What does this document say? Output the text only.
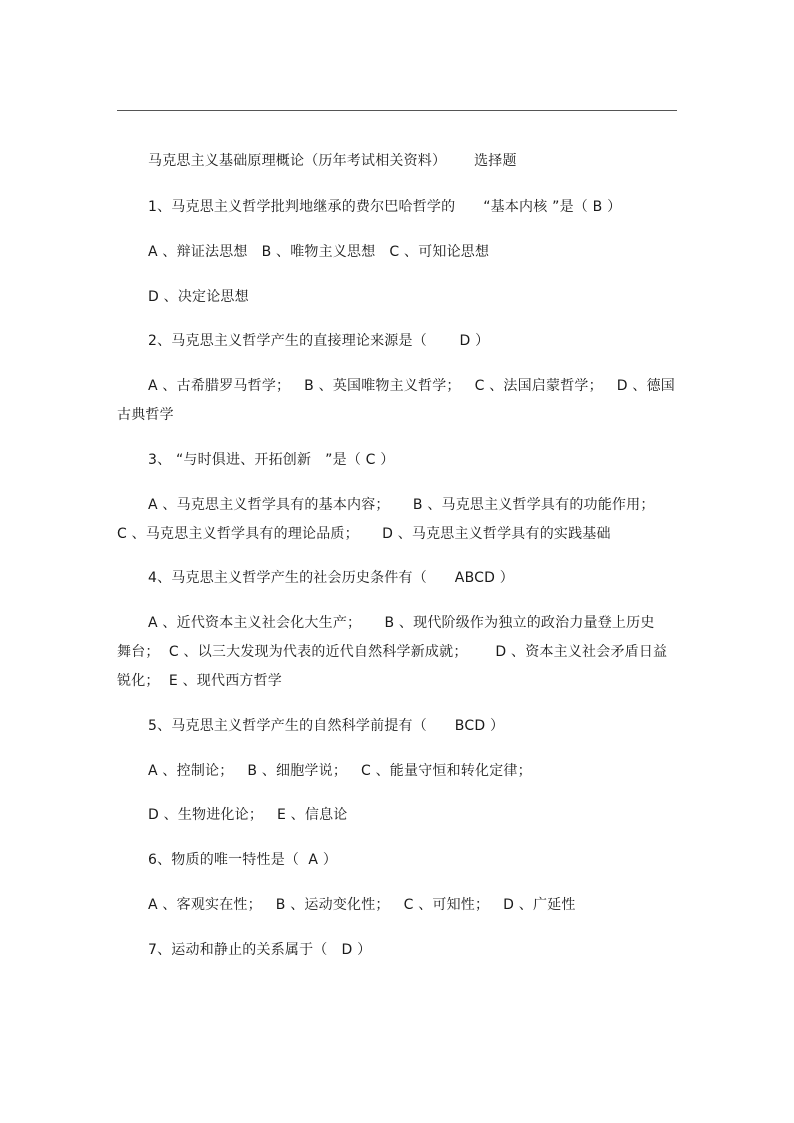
马克思主义基础原理概论（历年考试相关资料）      选择题
1、马克思主义哲学批判地继承的费尔巴哈哲学的      “基本内核 ”是（ B ）
A 、辩证法思想   B 、唯物主义思想   C 、可知论思想
D 、决定论思想
2、马克思主义哲学产生的直接理论来源是（       D ）
A 、古希腊罗马哲学；   B 、英国唯物主义哲学；   C 、法国启蒙哲学；   D 、德国
古典哲学
3、 “与时俱进、开拓创新   ”是（ C ）
A 、马克思主义哲学具有的基本内容；     B 、马克思主义哲学具有的功能作用；
C 、马克思主义哲学具有的理论品质；     D 、马克思主义哲学具有的实践基础
4、马克思主义哲学产生的社会历史条件有（      ABCD ）
A 、近代资本主义社会化大生产；     B 、现代阶级作为独立的政治力量登上历史
舞台；  C 、以三大发现为代表的近代自然科学新成就；      D 、资本主义社会矛盾日益
锐化；  E 、现代西方哲学
5、马克思主义哲学产生的自然科学前提有（      BCD ）
A 、控制论；   B 、细胞学说；   C 、能量守恒和转化定律；
D 、生物进化论；   E 、信息论
6、物质的唯一特性是（  A ）
A 、客观实在性；   B 、运动变化性；   C 、可知性；   D 、广延性
7、运动和静止的关系属于（   D ）
